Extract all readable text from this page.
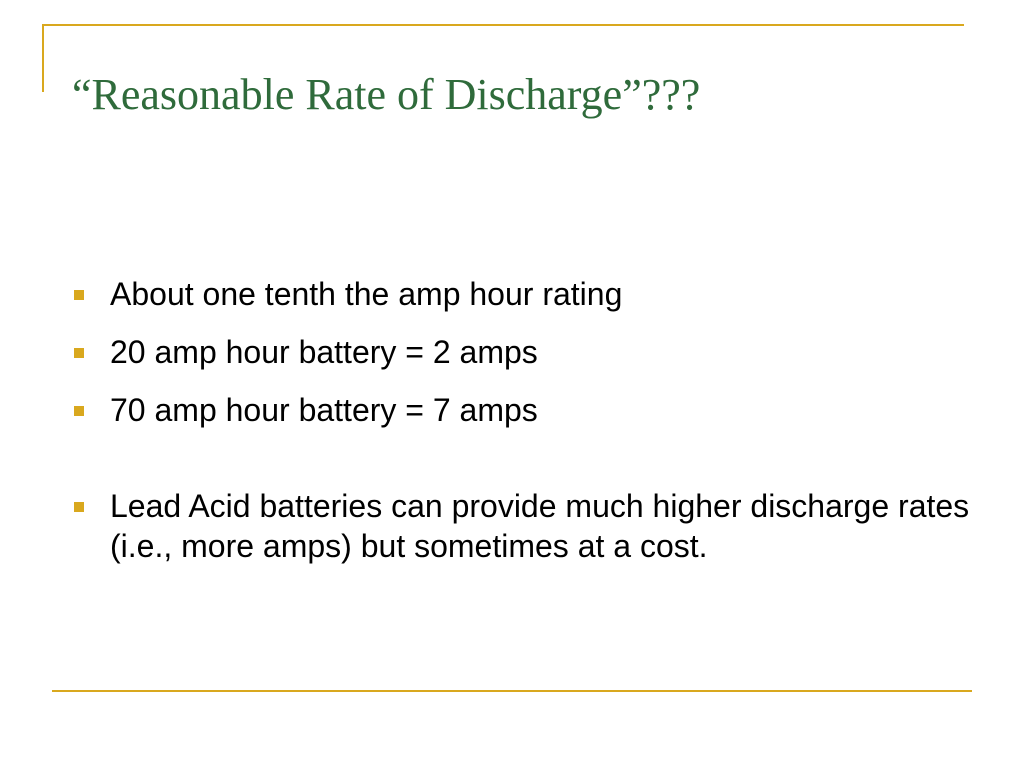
“Reasonable Rate of Discharge”???
About one tenth the amp hour rating
20 amp hour battery = 2 amps
70 amp hour battery = 7 amps
Lead Acid batteries can provide much higher discharge rates (i.e., more amps) but sometimes at a cost.
